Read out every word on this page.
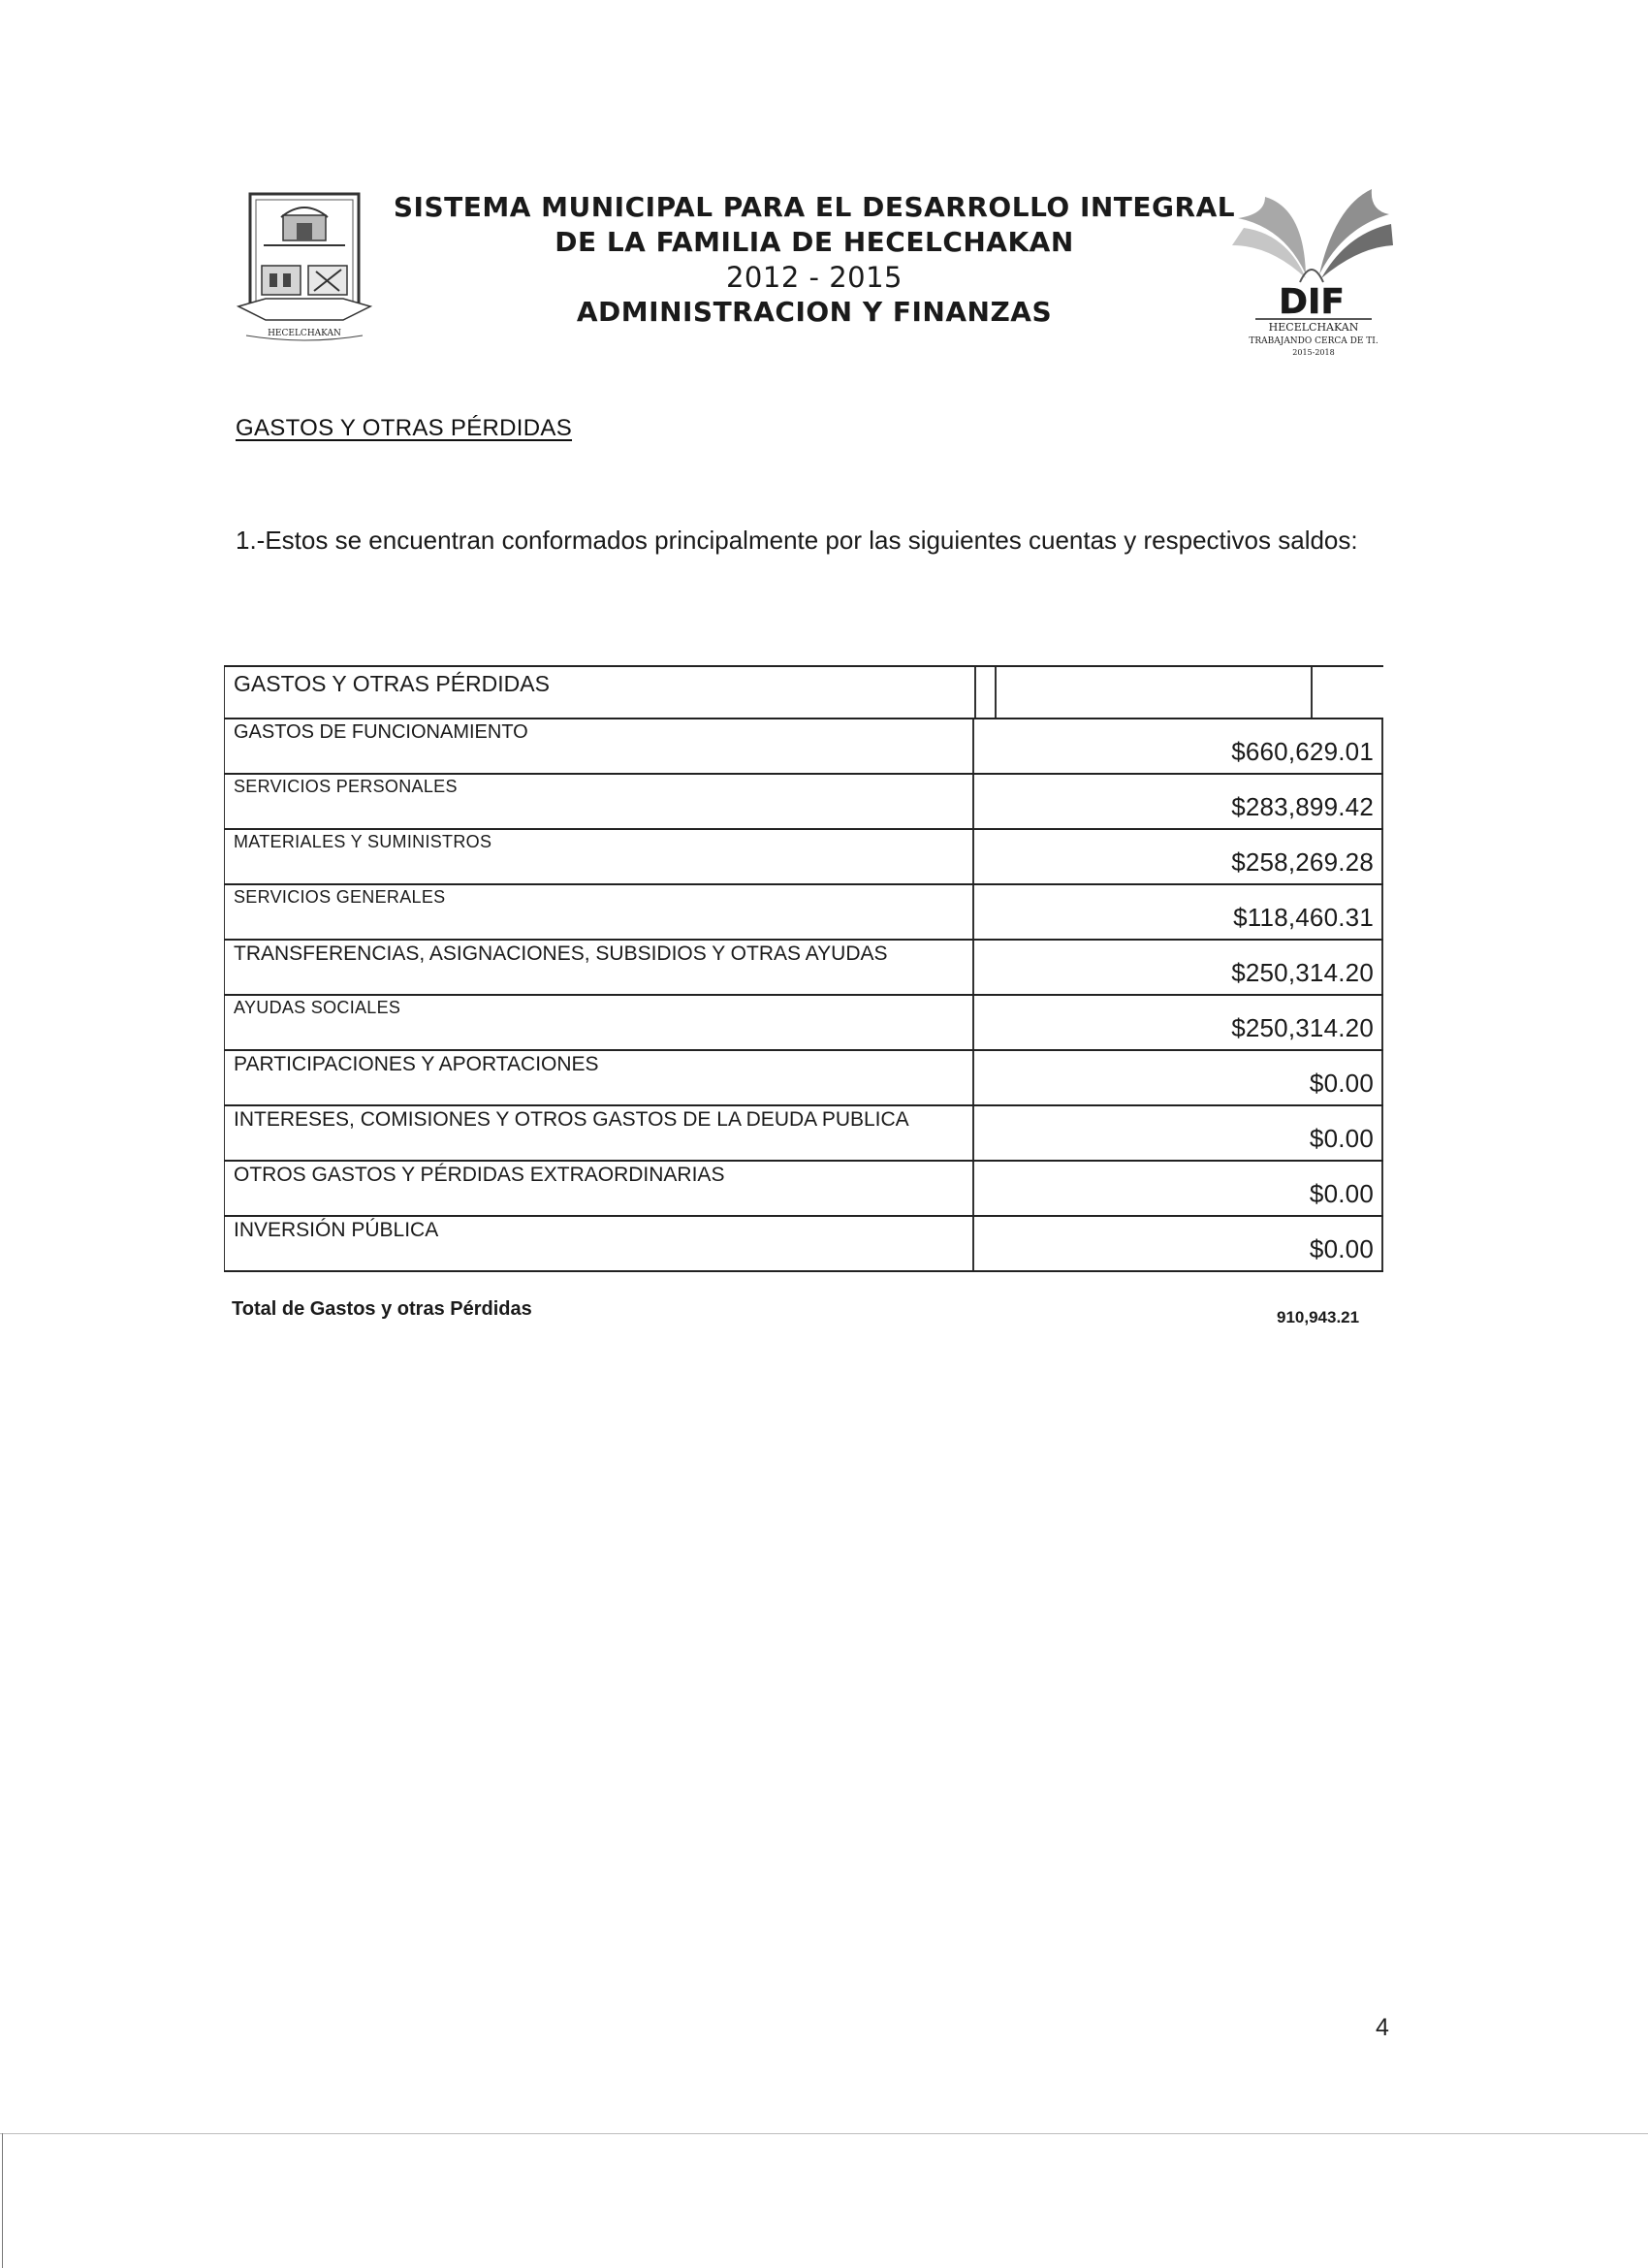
HECELCHAKAN
SISTEMA MUNICIPAL PARA EL DESARROLLO INTEGRAL
DE LA FAMILIA DE HECELCHAKAN
2012 - 2015
ADMINISTRACION Y FINANZAS	DIF
HECELCHAKAN
TRABAJANDO CERCA DE TI.
2015-2018
GASTOS Y OTRAS PÉRDIDAS
1.-Estos se encuentran conformados principalmente por las siguientes cuentas y respectivos saldos:
GASTOS Y OTRAS PÉRDIDAS
GASTOS DE FUNCIONAMIENTO
$660,629.01
SERVICIOS PERSONALES
$283,899.42
MATERIALES Y SUMINISTROS
$258,269.28
SERVICIOS GENERALES
$118,460.31
TRANSFERENCIAS, ASIGNACIONES, SUBSIDIOS Y OTRAS AYUDAS
$250,314.20
AYUDAS SOCIALES
$250,314.20
PARTICIPACIONES Y APORTACIONES
$0.00
INTERESES, COMISIONES Y OTROS GASTOS DE LA DEUDA PUBLICA
$0.00
OTROS GASTOS Y PÉRDIDAS EXTRAORDINARIAS
$0.00
INVERSIÓN PÚBLICA
$0.00
Total de Gastos y otras Pérdidas	910,943.21
4
